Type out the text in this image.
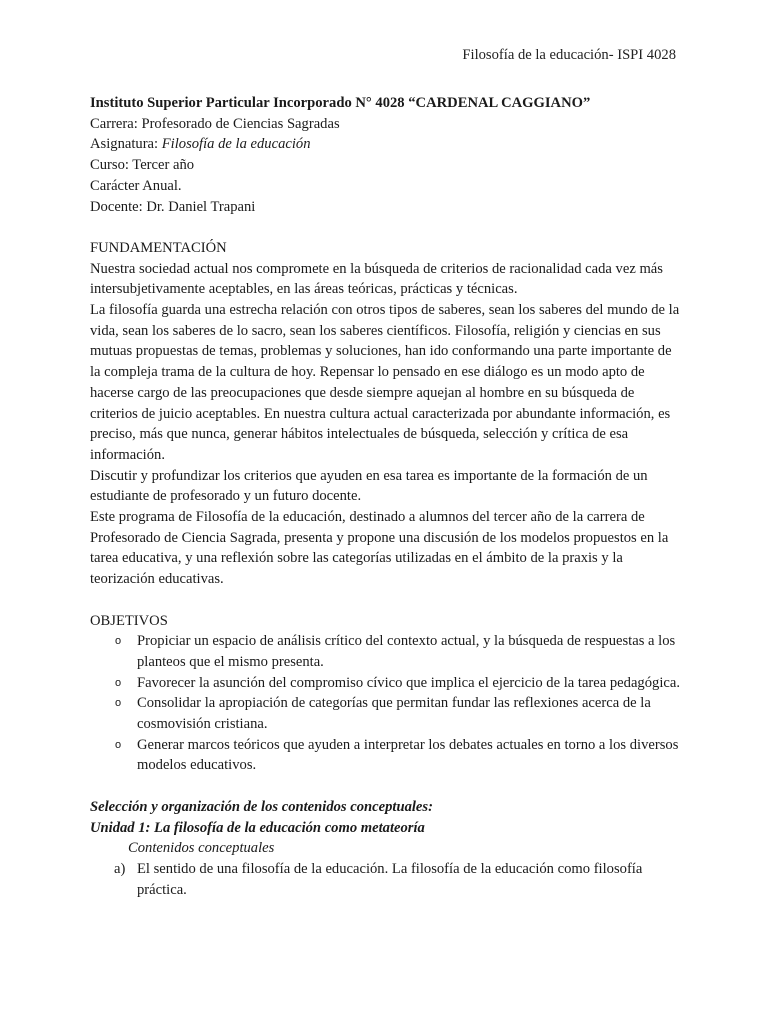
Filosofía de la educación- ISPI 4028
Instituto Superior Particular Incorporado N° 4028 “CARDENAL CAGGIANO”
Carrera: Profesorado de Ciencias Sagradas
Asignatura: Filosofía de la educación
Curso: Tercer año
Carácter Anual.
Docente: Dr. Daniel Trapani
FUNDAMENTACIÓN

Nuestra sociedad actual nos compromete en la búsqueda de criterios de racionalidad cada vez más intersubjetivamente aceptables, en las áreas teóricas, prácticas y técnicas.

La filosofía guarda una estrecha relación con otros tipos de saberes, sean los saberes del mundo de la vida, sean los saberes de lo sacro, sean los saberes científicos. Filosofía, religión y ciencias en sus mutuas propuestas de temas, problemas y soluciones, han ido conformando una parte importante de la compleja trama de la cultura de hoy. Repensar lo pensado en ese diálogo es un modo apto de hacerse cargo de las preocupaciones que desde siempre aquejan al hombre en su búsqueda de criterios de juicio aceptables. En nuestra cultura actual caracterizada por abundante información, es preciso, más que nunca, generar hábitos intelectuales de búsqueda, selección y crítica de esa información.

Discutir y profundizar los criterios que ayuden en esa tarea es importante de la formación de un estudiante de profesorado y un futuro docente.

Este programa de Filosofía de la educación, destinado a alumnos del tercer año de la carrera de Profesorado de Ciencia Sagrada, presenta y propone una discusión de los modelos propuestos en la tarea educativa, y una reflexión sobre las categorías utilizadas en el ámbito de la praxis y la teorización educativas.

OBJETIVOS
o Propiciar un espacio de análisis crítico del contexto actual, y la búsqueda de respuestas a los planteos que el mismo presenta.
o Favorecer la asunción del compromiso cívico que implica el ejercicio de la tarea pedagógica.
o Consolidar la apropiación de categorías que permitan fundar las reflexiones acerca de la cosmovisión cristiana.
o Generar marcos teóricos que ayuden a interpretar los debates actuales en torno a los diversos modelos educativos.
Selección y organización de los contenidos conceptuales:
Unidad 1: La filosofía de la educación como metateoría
Contenidos conceptuales
a) El sentido de una filosofía de la educación. La filosofía de la educación como filosofía práctica.
